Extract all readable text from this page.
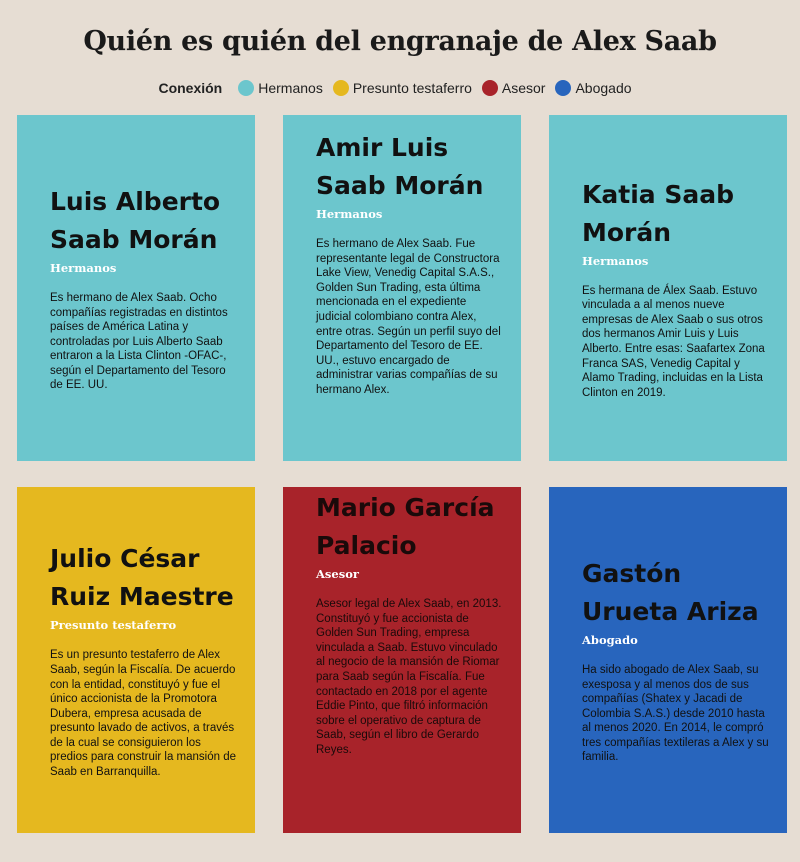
Quién es quién del engranaje de Alex Saab
Conexión	Hermanos Presunto testaferro Asesor Abogado
Luis Alberto Saab Morán
Hermanos
Es hermano de Alex Saab. Ocho compañías registradas en distintos países de América Latina y controladas por Luis Alberto Saab entraron a la Lista Clinton -OFAC-, según el Departamento del Tesoro de EE. UU.
Amir Luis Saab Morán
Hermanos
Es hermano de Alex Saab. Fue representante legal de Constructora Lake View, Venedig Capital S.A.S., Golden Sun Trading, esta última mencionada en el expediente judicial colombiano contra Alex, entre otras. Según un perfil suyo del Departamento del Tesoro de EE. UU., estuvo encargado de administrar varias compañías de su hermano Alex.
Katia Saab Morán
Hermanos
Es hermana de Álex Saab. Estuvo vinculada a al menos nueve empresas de Alex Saab o sus otros dos hermanos Amir Luis y Luis Alberto. Entre esas: Saafartex Zona Franca SAS, Venedig Capital y Alamo Trading, incluidas en la Lista Clinton en 2019.
Julio César Ruiz Maestre
Presunto testaferro
Es un presunto testaferro de Alex Saab, según la Fiscalía. De acuerdo con la entidad, constituyó y fue el único accionista de la Promotora Dubera, empresa acusada de presunto lavado de activos, a través de la cual se consiguieron los predios para construir la mansión de Saab en Barranquilla.
Mario García Palacio
Asesor
Asesor legal de Alex Saab, en 2013. Constituyó y fue accionista de Golden Sun Trading, empresa vinculada a Saab. Estuvo vinculado al negocio de la mansión de Riomar para Saab según la Fiscalía. Fue contactado en 2018 por el agente Eddie Pinto, que filtró información sobre el operativo de captura de Saab, según el libro de Gerardo Reyes.
Gastón Urueta Ariza
Abogado
Ha sido abogado de Alex Saab, su exesposa y al menos dos de sus compañías (Shatex y Jacadi de Colombia S.A.S.) desde 2010 hasta al menos 2020. En 2014, le compró tres compañías textileras a Alex y su familia.
